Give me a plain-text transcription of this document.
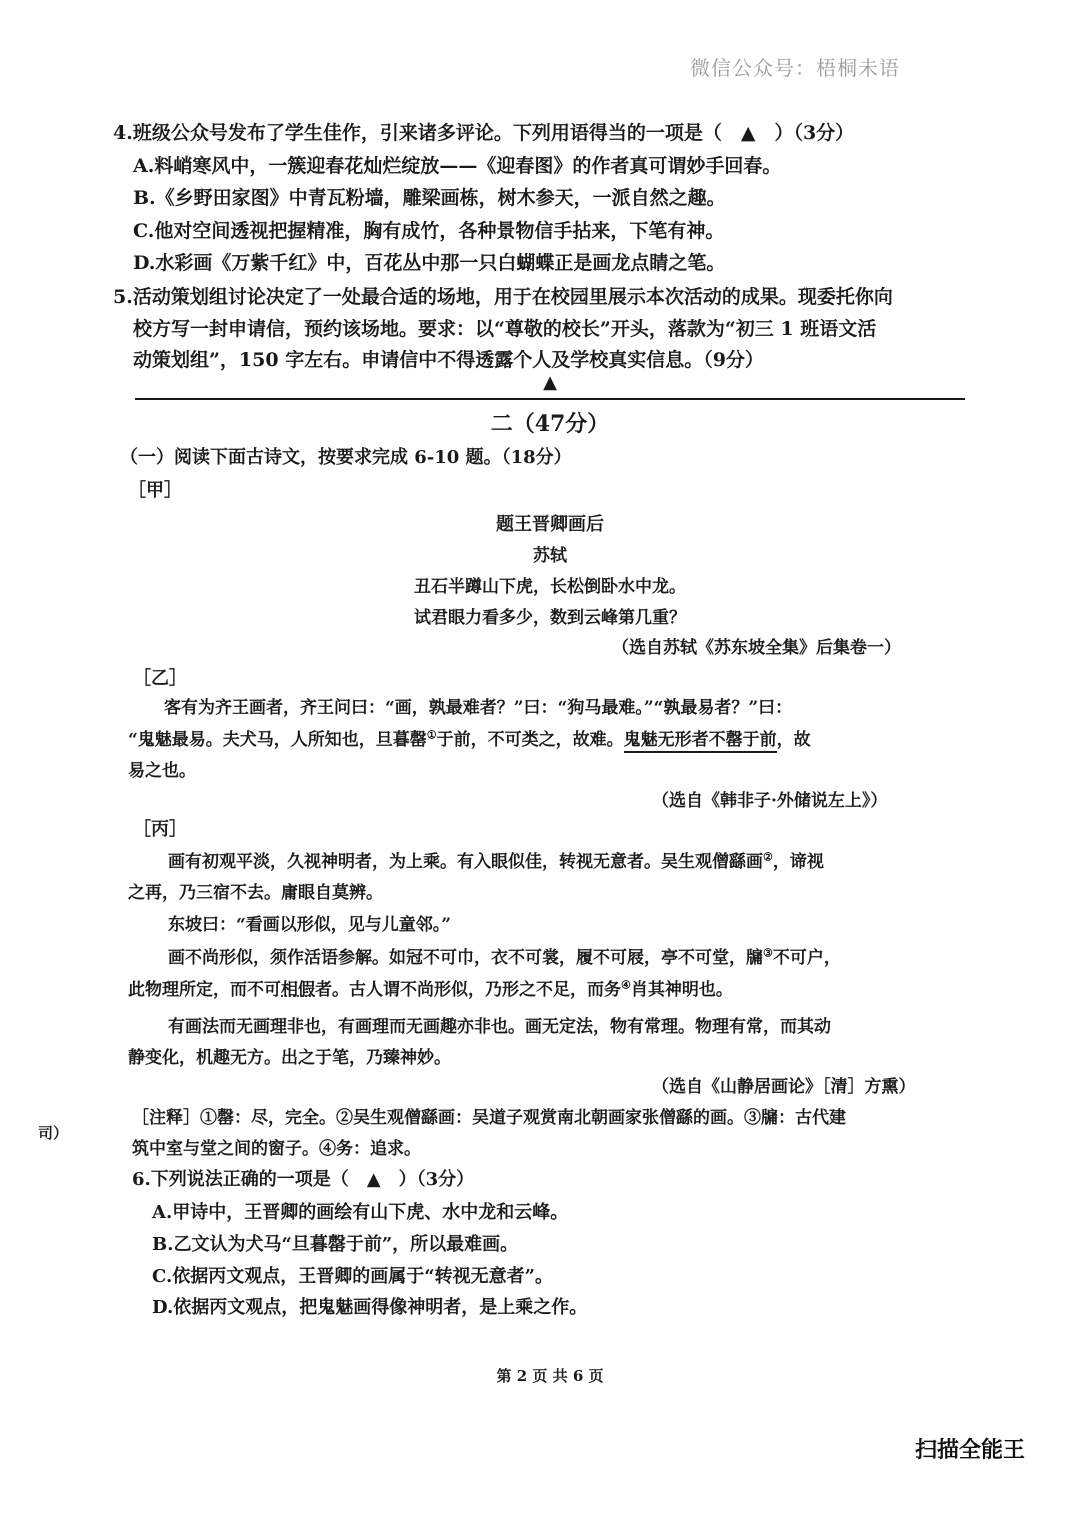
微信公众号：梧桐未语
4.班级公众号发布了学生佳作，引来诸多评论。下列用语得当的一项是（　▲　）（3分）
A.料峭寒风中，一簇迎春花灿烂绽放——《迎春图》的作者真可谓妙手回春。
B.《乡野田家图》中青瓦粉墙，雕梁画栋，树木参天，一派自然之趣。
C.他对空间透视把握精准，胸有成竹，各种景物信手拈来，下笔有神。
D.水彩画《万紫千红》中，百花丛中那一只白蝴蝶正是画龙点睛之笔。
5.活动策划组讨论决定了一处最合适的场地，用于在校园里展示本次活动的成果。现委托你向
校方写一封申请信，预约该场地。要求：以“尊敬的校长”开头，落款为“初三 1 班语文活
动策划组”，150 字左右。申请信中不得透露个人及学校真实信息。（9分）
▲
二（47分）
（一）阅读下面古诗文，按要求完成 6-10 题。（18分）
［甲］
题王晋卿画后
苏轼
丑石半蹲山下虎，长松倒卧水中龙。
试君眼力看多少，数到云峰第几重？
（选自苏轼《苏东坡全集》后集卷一）
［乙］
客有为齐王画者，齐王问曰：“画，孰最难者？”曰：“狗马最难。”“孰最易者？”曰：
“鬼魅最易。夫犬马，人所知也，旦暮罄①于前，不可类之，故难。鬼魅无形者不罄于前，故
易之也。
（选自《韩非子·外储说左上》）
［丙］
画有初观平淡，久视神明者，为上乘。有入眼似佳，转视无意者。吴生观僧繇画②，谛视
之再，乃三宿不去。庸眼自莫辨。
东坡曰：“看画以形似，见与儿童邻。”
画不尚形似，须作活语参解。如冠不可巾，衣不可裳，履不可屐，亭不可堂，牖③不可户，
此物理所定，而不可相假者。古人谓不尚形似，乃形之不足，而务④肖其神明也。
有画法而无画理非也，有画理而无画趣亦非也。画无定法，物有常理。物理有常，而其动
静变化，机趣无方。出之于笔，乃臻神妙。
（选自《山静居画论》［清］方熏）
［注释］①罄：尽，完全。②吴生观僧繇画：吴道子观赏南北朝画家张僧繇的画。③牖：古代建
筑中室与堂之间的窗子。④务：追求。
司）
6.下列说法正确的一项是（　▲　）（3分）
A.甲诗中，王晋卿的画绘有山下虎、水中龙和云峰。
B.乙文认为犬马“旦暮罄于前”，所以最难画。
C.依据丙文观点，王晋卿的画属于“转视无意者”。
D.依据丙文观点，把鬼魅画得像神明者，是上乘之作。
第 2 页 共 6 页
扫描全能王
